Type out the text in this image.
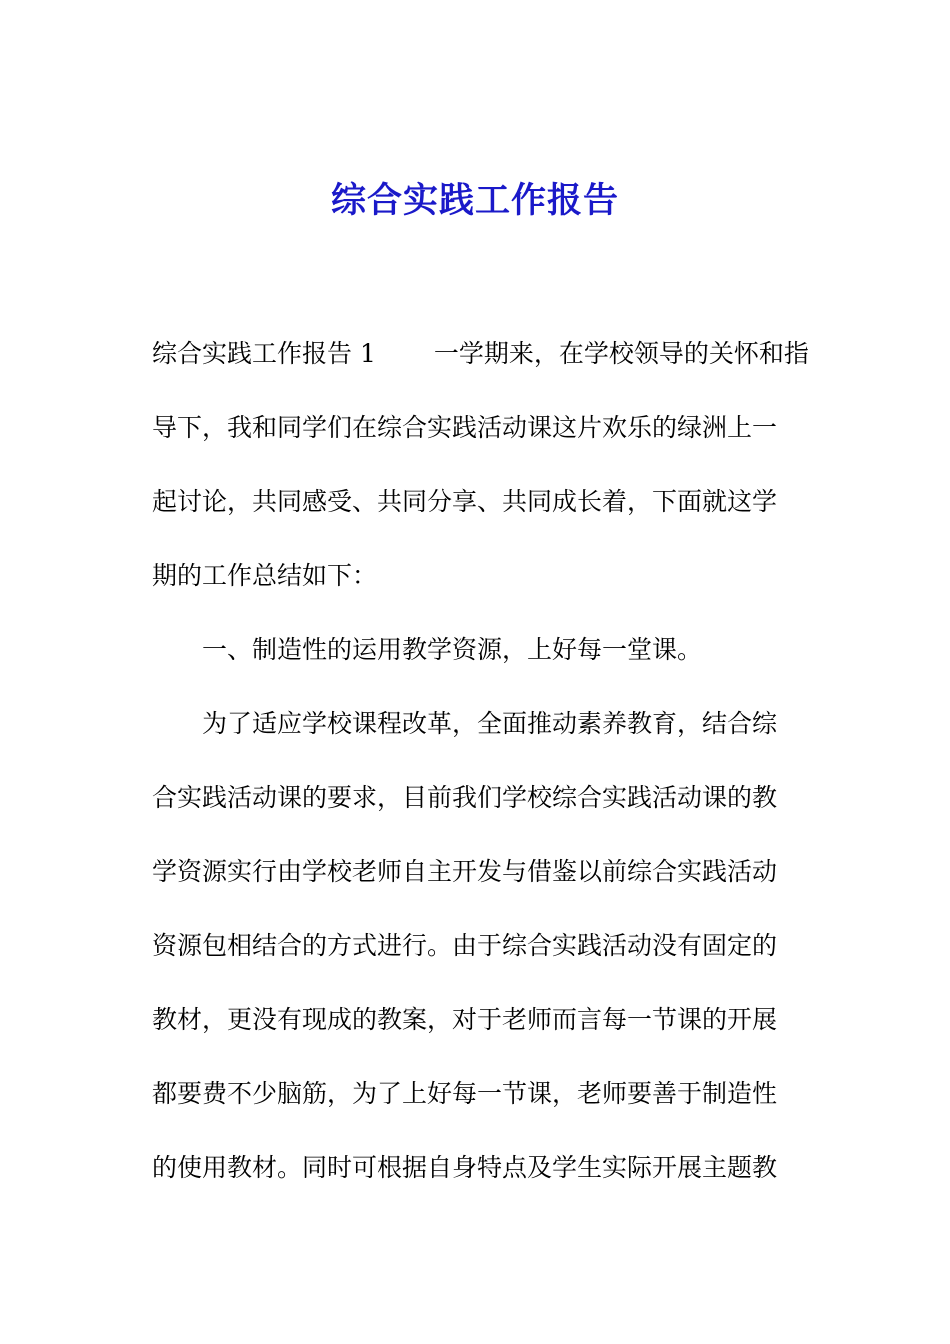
综合实践工作报告
综合实践工作报告 1 一学期来，在学校领导的关怀和指
导下，我和同学们在综合实践活动课这片欢乐的绿洲上一
起讨论，共同感受、共同分享、共同成长着，下面就这学
期的工作总结如下：
一、制造性的运用教学资源，上好每一堂课。
为了适应学校课程改革，全面推动素养教育，结合综
合实践活动课的要求，目前我们学校综合实践活动课的教
学资源实行由学校老师自主开发与借鉴以前综合实践活动
资源包相结合的方式进行。由于综合实践活动没有固定的
教材，更没有现成的教案，对于老师而言每一节课的开展
都要费不少脑筋，为了上好每一节课，老师要善于制造性
的使用教材。同时可根据自身特点及学生实际开展主题教
